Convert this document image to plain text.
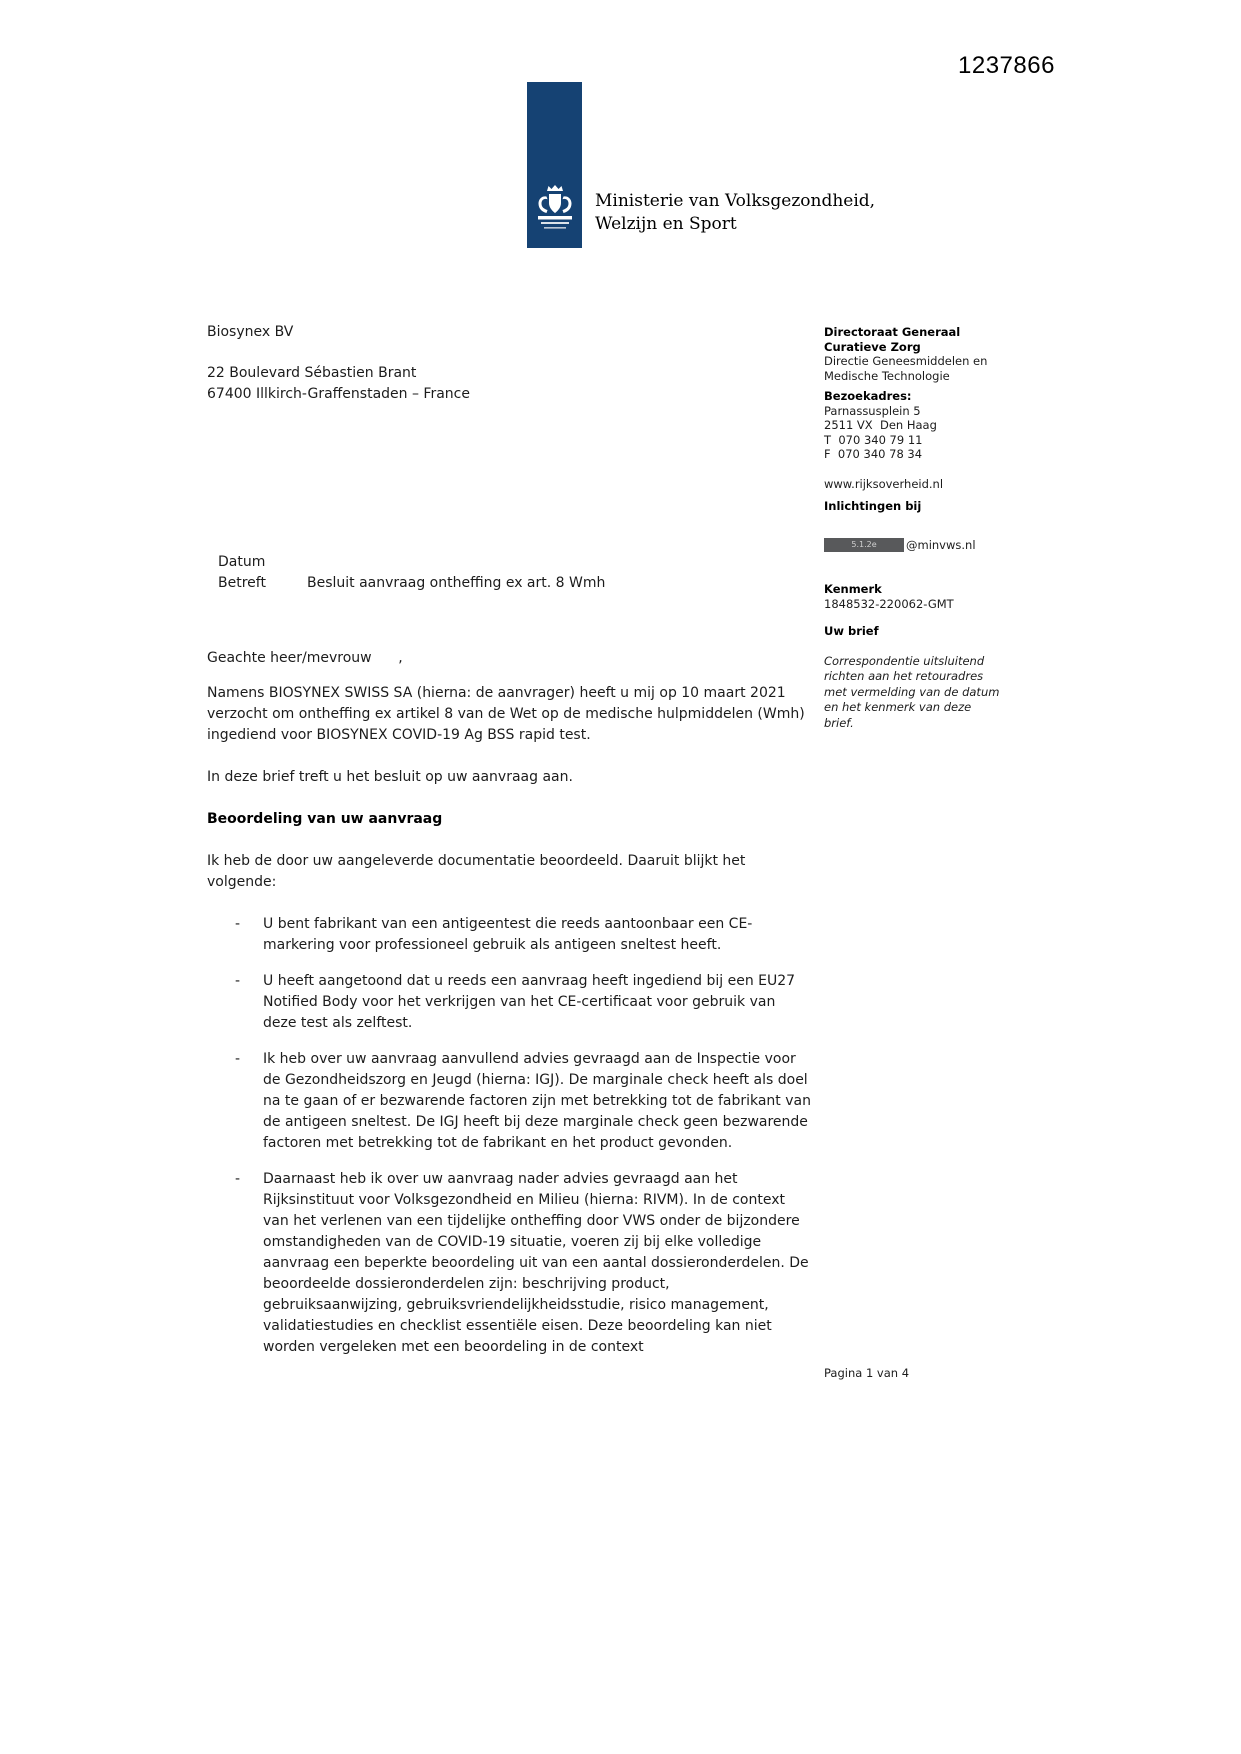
1237866
Ministerie van Volksgezondheid,
Welzijn en Sport
Biosynex BV
22 Boulevard Sébastien Brant
67400 Illkirch-Graffenstaden – France
Directoraat Generaal
Curatieve Zorg
Directie Geneesmiddelen en
Medische Technologie
Bezoekadres:
Parnassusplein 5
2511 VX  Den Haag
T  070 340 79 11
F  070 340 78 34
www.rijksoverheid.nl
Inlichtingen bij
5.1.2e	@minvws.nl
Kenmerk
1848532-220062-GMT
Uw brief
Correspondentie uitsluitend richten aan het retouradres met vermelding van de datum en het kenmerk van deze brief.
Datum
Betreft	Besluit aanvraag ontheffing ex art. 8 Wmh
Geachte heer/mevrouw      ,

Namens BIOSYNEX SWISS SA (hierna: de aanvrager) heeft u mij op 10 maart 2021 verzocht om ontheffing ex artikel 8 van de Wet op de medische hulpmiddelen (Wmh) ingediend voor BIOSYNEX COVID-19 Ag BSS rapid test.

In deze brief treft u het besluit op uw aanvraag aan.

Beoordeling van uw aanvraag

Ik heb de door uw aangeleverde documentatie beoordeeld. Daaruit blijkt het volgende:

- U bent fabrikant van een antigeentest die reeds aantoonbaar een CE-markering voor professioneel gebruik als antigeen sneltest heeft.
- U heeft aangetoond dat u reeds een aanvraag heeft ingediend bij een EU27 Notified Body voor het verkrijgen van het CE-certificaat voor gebruik van deze test als zelftest.
- Ik heb over uw aanvraag aanvullend advies gevraagd aan de Inspectie voor de Gezondheidszorg en Jeugd (hierna: IGJ). De marginale check heeft als doel na te gaan of er bezwarende factoren zijn met betrekking tot de fabrikant van de antigeen sneltest. De IGJ heeft bij deze marginale check geen bezwarende factoren met betrekking tot de fabrikant en het product gevonden.
- Daarnaast heb ik over uw aanvraag nader advies gevraagd aan het Rijksinstituut voor Volksgezondheid en Milieu (hierna: RIVM). In de context van het verlenen van een tijdelijke ontheffing door VWS onder de bijzondere omstandigheden van de COVID-19 situatie, voeren zij bij elke volledige aanvraag een beperkte beoordeling uit van een aantal dossieronderdelen. De beoordeelde dossieronderdelen zijn: beschrijving product, gebruiksaanwijzing, gebruiksvriendelijkheidsstudie, risico management, validatiestudies en checklist essentiële eisen. Deze beoordeling kan niet worden vergeleken met een beoordeling in de context
Pagina 1 van 4
